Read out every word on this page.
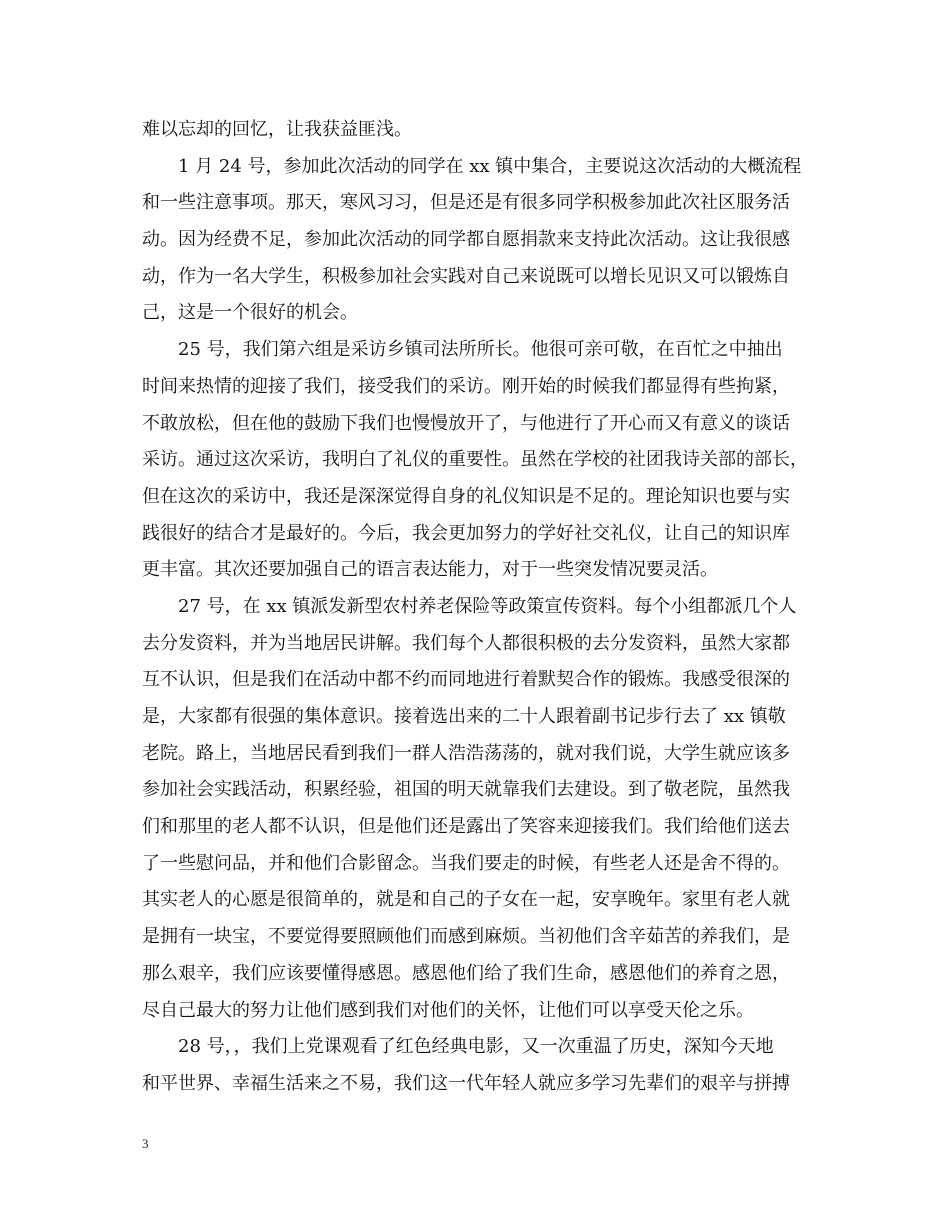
难以忘却的回忆，让我获益匪浅。
1 月 24 号，参加此次活动的同学在 xx 镇中集合，主要说这次活动的大概流程
和一些注意事项。那天，寒风习习，但是还是有很多同学积极参加此次社区服务活
动。因为经费不足，参加此次活动的同学都自愿捐款来支持此次活动。这让我很感
动，作为一名大学生，积极参加社会实践对自己来说既可以增长见识又可以锻炼自
己，这是一个很好的机会。
25 号，我们第六组是采访乡镇司法所所长。他很可亲可敬，在百忙之中抽出
时间来热情的迎接了我们，接受我们的采访。刚开始的时候我们都显得有些拘紧，
不敢放松，但在他的鼓励下我们也慢慢放开了，与他进行了开心而又有意义的谈话
采访。通过这次采访，我明白了礼仪的重要性。虽然在学校的社团我诗关部的部长，
但在这次的采访中，我还是深深觉得自身的礼仪知识是不足的。理论知识也要与实
践很好的结合才是最好的。今后，我会更加努力的学好社交礼仪，让自己的知识库
更丰富。其次还要加强自己的语言表达能力，对于一些突发情况要灵活。
27 号，在 xx 镇派发新型农村养老保险等政策宣传资料。每个小组都派几个人
去分发资料，并为当地居民讲解。我们每个人都很积极的去分发资料，虽然大家都
互不认识，但是我们在活动中都不约而同地进行着默契合作的锻炼。我感受很深的
是，大家都有很强的集体意识。接着选出来的二十人跟着副书记步行去了 xx 镇敬
老院。路上，当地居民看到我们一群人浩浩荡荡的，就对我们说，大学生就应该多
参加社会实践活动，积累经验，祖国的明天就靠我们去建设。到了敬老院，虽然我
们和那里的老人都不认识，但是他们还是露出了笑容来迎接我们。我们给他们送去
了一些慰问品，并和他们合影留念。当我们要走的时候，有些老人还是舍不得的。
其实老人的心愿是很简单的，就是和自己的子女在一起，安享晚年。家里有老人就
是拥有一块宝，不要觉得要照顾他们而感到麻烦。当初他们含辛茹苦的养我们，是
那么艰辛，我们应该要懂得感恩。感恩他们给了我们生命，感恩他们的养育之恩，
尽自己最大的努力让他们感到我们对他们的关怀，让他们可以享受天伦之乐。
28 号，，我们上党课观看了红色经典电影，又一次重温了历史，深知今天地
和平世界、幸福生活来之不易，我们这一代年轻人就应多学习先辈们的艰辛与拼搏
3
